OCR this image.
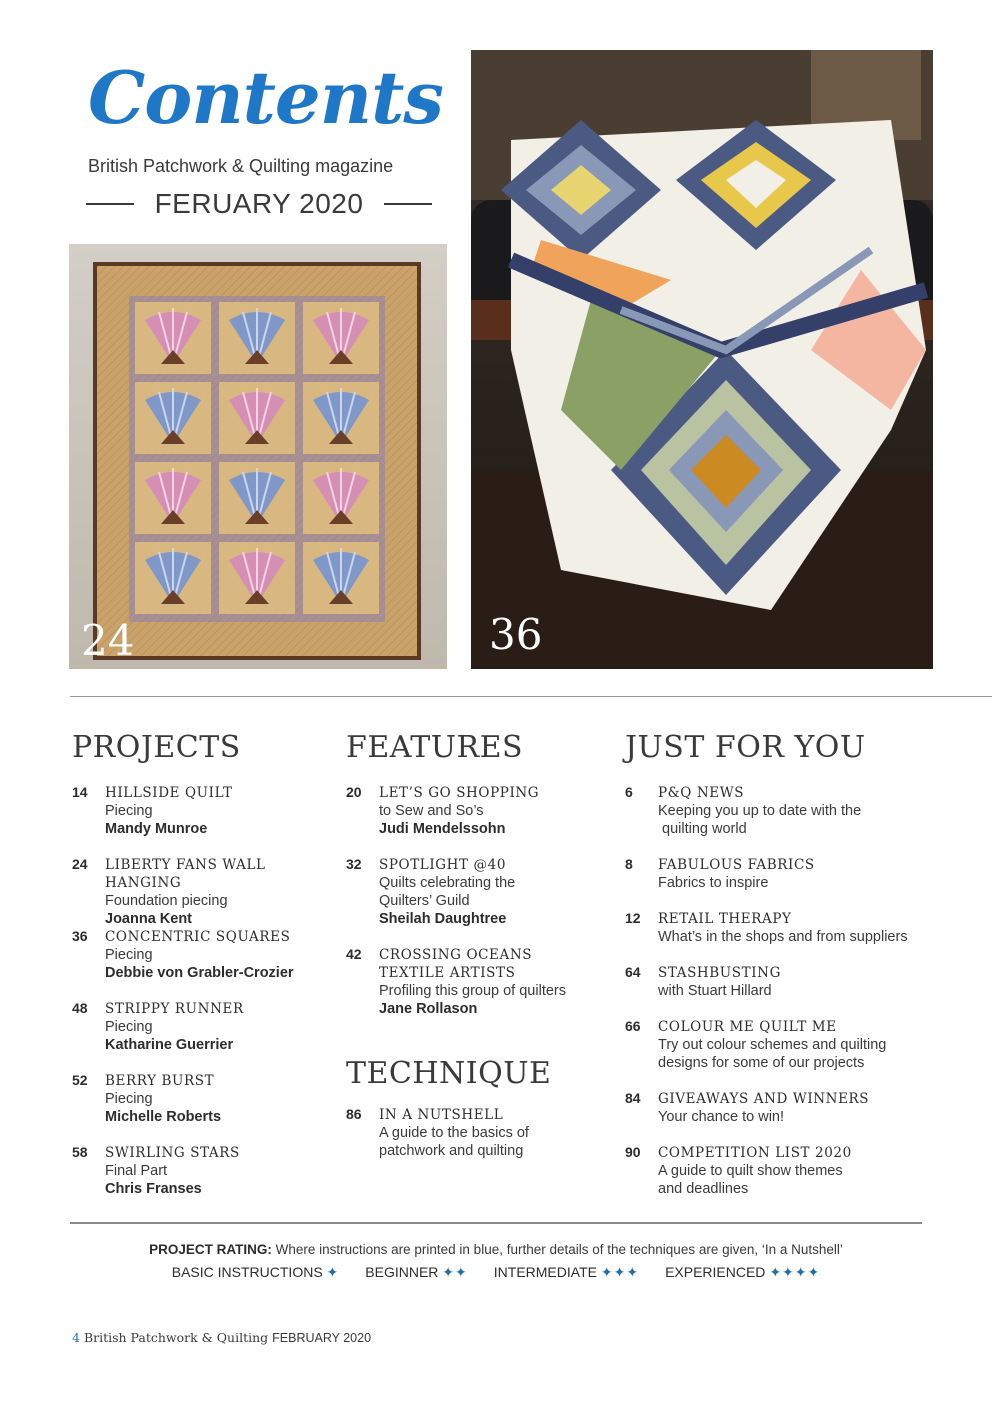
Contents
British Patchwork & Quilting magazine
FERUARY 2020
24	36
PROJECTS
14 HILLSIDE QUILT
Piecing
Mandy Munroe
24 LIBERTY FANS WALL HANGING
Foundation piecing
Joanna Kent
36 CONCENTRIC SQUARES
Piecing
Debbie von Grabler-Crozier
48 STRIPPY RUNNER
Piecing
Katharine Guerrier
52 BERRY BURST
Piecing
Michelle Roberts
58 SWIRLING STARS
Final Part
Chris Franses
FEATURES
20 LET’S GO SHOPPING
to Sew and So’s
Judi Mendelssohn
32 SPOTLIGHT @40
Quilts celebrating the
Quilters’ Guild
Sheilah Daughtree
42 CROSSING OCEANS
TEXTILE ARTISTS
Profiling this group of quilters
Jane Rollason
TECHNIQUE
86 IN A NUTSHELL
A guide to the basics of
patchwork and quilting
JUST FOR YOU
6 P&Q NEWS
Keeping you up to date with the
quilting world
8 FABULOUS FABRICS
Fabrics to inspire
12 RETAIL THERAPY
What’s in the shops and from suppliers
64 STASHBUSTING
with Stuart Hillard
66 COLOUR ME QUILT ME
Try out colour schemes and quilting
designs for some of our projects
84 GIVEAWAYS AND WINNERS
Your chance to win!
90 COMPETITION LIST 2020
A guide to quilt show themes
and deadlines
PROJECT RATING: Where instructions are printed in blue, further details of the techniques are given, ‘In a Nutshell’
BASIC INSTRUCTIONS ✦ BEGINNER ✦✦ INTERMEDIATE ✦✦✦ EXPERIENCED ✦✦✦✦
4 British Patchwork & Quilting FEBRUARY 2020
